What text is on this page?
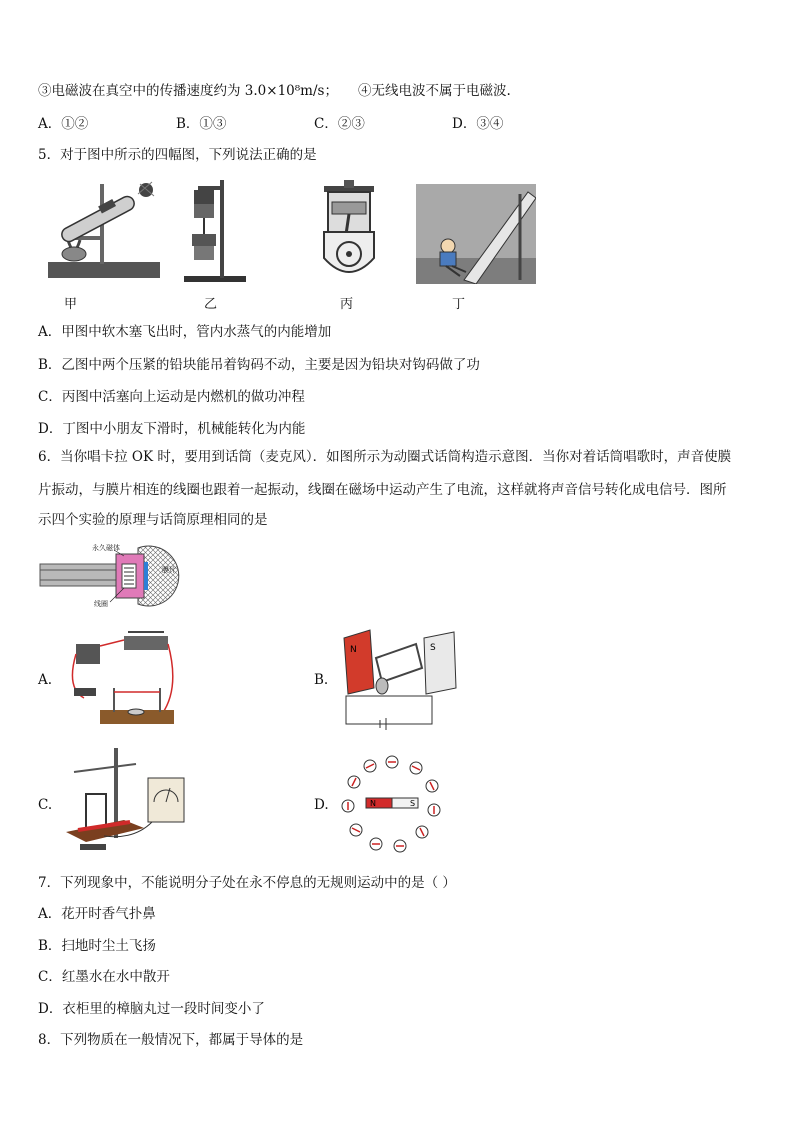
③电磁波在真空中的传播速度约为 3.0×10⁸m/s； ④无线电波不属于电磁波.
A．①②	B．①③	C．②③	D．③④
5．对于图中所示的四幅图，下列说法正确的是
甲	乙	丙	丁
A．甲图中软木塞飞出时，管内水蒸气的内能增加
B．乙图中两个压紧的铅块能吊着钩码不动，主要是因为铅块对钩码做了功
C．丙图中活塞向上运动是内燃机的做功冲程
D．丁图中小朋友下滑时，机械能转化为内能
6．当你唱卡拉 OK 时，要用到话筒（麦克风）．如图所示为动圈式话筒构造示意图．当你对着话筒唱歌时，声音使膜
片振动，与膜片相连的线圈也跟着一起振动，线圈在磁场中运动产生了电流，这样就将声音信号转化成电信号．图所
示四个实验的原理与话筒原理相同的是
永久磁体
膜片
线圈
A.	B.
N	S
C.	D.	N	S
7．下列现象中，不能说明分子处在永不停息的无规则运动中的是（ ）
A．花开时香气扑鼻
B．扫地时尘土飞扬
C．红墨水在水中散开
D．衣柜里的樟脑丸过一段时间变小了
8．下列物质在一般情况下，都属于导体的是
